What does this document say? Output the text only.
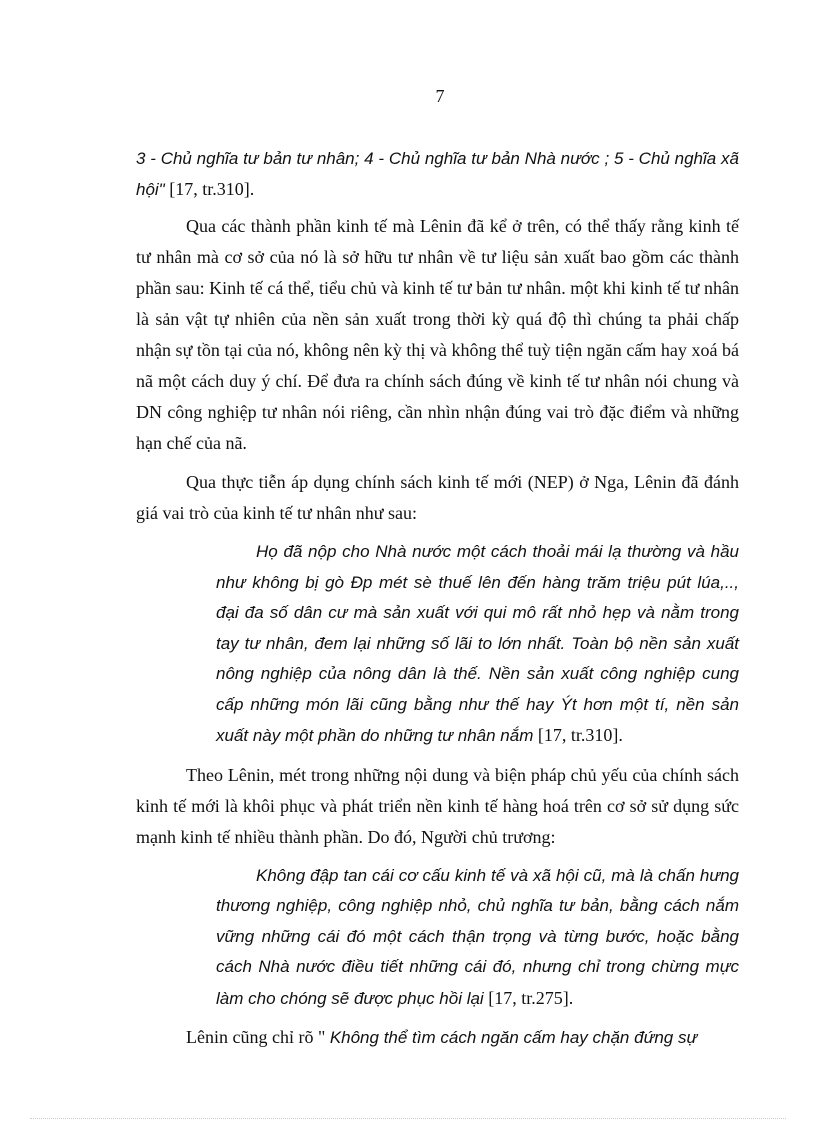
7

3 - Chủ nghĩa tư bản tư nhân; 4 - Chủ nghĩa tư bản Nhà nước ; 5 - Chủ nghĩa xã hội" [17, tr.310].

Qua các thành phần kinh tế mà Lênin đã kể ở trên, có thể thấy rằng kinh tế tư nhân mà cơ sở của nó là sở hữu tư nhân về tư liệu sản xuất bao gồm các thành phần sau: Kinh tế cá thể, tiểu chủ và kinh tế tư bản tư nhân. một khi kinh tế tư nhân là sản vật tự nhiên của nền sản xuất trong thời kỳ quá độ thì chúng ta phải chấp nhận sự tồn tại của nó, không nên kỳ thị và không thể tuỳ tiện ngăn cấm hay xoá bá nã một cách duy ý chí. Để đưa ra chính sách đúng về kinh tế tư nhân nói chung và DN công nghiệp tư nhân nói riêng, cần nhìn nhận đúng vai trò đặc điểm và những hạn chế của nã.

Qua thực tiễn áp dụng chính sách kinh tế mới (NEP) ở Nga, Lênin đã đánh giá vai trò của kinh tế tư nhân như sau:

Họ đã nộp cho Nhà nước một cách thoải mái lạ thường và hầu như không bị gò Đp mét sè thuế lên đến hàng trăm triệu pút lúa,.., đại đa số dân cư mà sản xuất với qui mô rất nhỏ hẹp và nằm trong tay tư nhân, đem lại những số lãi to lớn nhất. Toàn bộ nền sản xuất nông nghiệp của nông dân là thế. Nền sản xuất công nghiệp cung cấp những món lãi cũng bằng như thế hay Ýt hơn một tí, nền sản xuất này một phần do những tư nhân nắm [17, tr.310].

Theo Lênin, mét trong những nội dung và biện pháp chủ yếu của chính sách kinh tế mới là khôi phục và phát triển nền kinh tế hàng hoá trên cơ sở sử dụng sức mạnh kinh tế nhiều thành phần. Do đó, Người chủ trương:

Không đập tan cái cơ cấu kinh tế và xã hội cũ, mà là chấn hưng thương nghiệp, công nghiệp nhỏ, chủ nghĩa tư bản, bằng cách nắm vững những cái đó một cách thận trọng và từng bước, hoặc bằng cách Nhà nước điều tiết những cái đó, nhưng chỉ trong chừng mực làm cho chóng sẽ được phục hồi lại [17, tr.275].

Lênin cũng chỉ rõ " Không thể tìm cách ngăn cấm hay chặn đứng sự
